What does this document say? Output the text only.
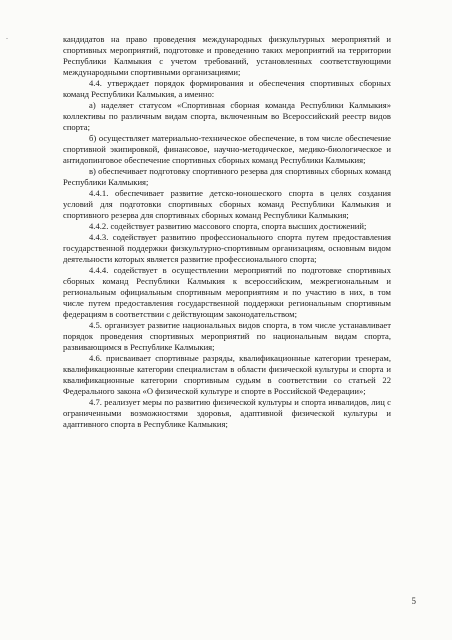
кандидатов на право проведения международных физкультурных мероприятий и спортивных мероприятий, подготовке и проведению таких мероприятий на территории Республики Калмыкия с учетом требований, установленных соответствующими международными спортивными организациями;

4.4. утверждает порядок формирования и обеспечения спортивных сборных команд Республики Калмыкия, а именно:

а) наделяет статусом «Спортивная сборная команда Республики Калмыкия» коллективы по различным видам спорта, включенным во Всероссийский реестр видов спорта;

б) осуществляет материально-техническое обеспечение, в том числе обеспечение спортивной экипировкой, финансовое, научно-методическое, медико-биологическое и антидопинговое обеспечение спортивных сборных команд Республики Калмыкия;

в) обеспечивает подготовку спортивного резерва для спортивных сборных команд Республики Калмыкия;

4.4.1. обеспечивает развитие детско-юношеского спорта в целях создания условий для подготовки спортивных сборных команд Республики Калмыкия и спортивного резерва для спортивных сборных команд Республики Калмыкия;

4.4.2. содействует развитию массового спорта, спорта высших достижений;

4.4.3. содействует развитию профессионального спорта путем предоставления государственной поддержки физкультурно-спортивным организациям, основным видом деятельности которых является развитие профессионального спорта;

4.4.4. содействует в осуществлении мероприятий по подготовке спортивных сборных команд Республики Калмыкия к всероссийским, межрегиональным и региональным официальным спортивным мероприятиям и по участию в них, в том числе путем предоставления государственной поддержки региональным спортивным федерациям в соответствии с действующим законодательством;

4.5. организует развитие национальных видов спорта, в том числе устанавливает порядок проведения спортивных мероприятий по национальным видам спорта, развивающимся в Республике Калмыкия;

4.6. присваивает спортивные разряды, квалификационные категории тренерам, квалификационные категории специалистам в области физической культуры и спорта и квалификационные категории спортивным судьям в соответствии со статьей 22 Федерального закона «О физической культуре и спорте в Российской Федерации»;

4.7. реализует меры по развитию физической культуры и спорта инвалидов, лиц с ограниченными возможностями здоровья, адаптивной физической культуры и адаптивного спорта в Республике Калмыкия;

5
